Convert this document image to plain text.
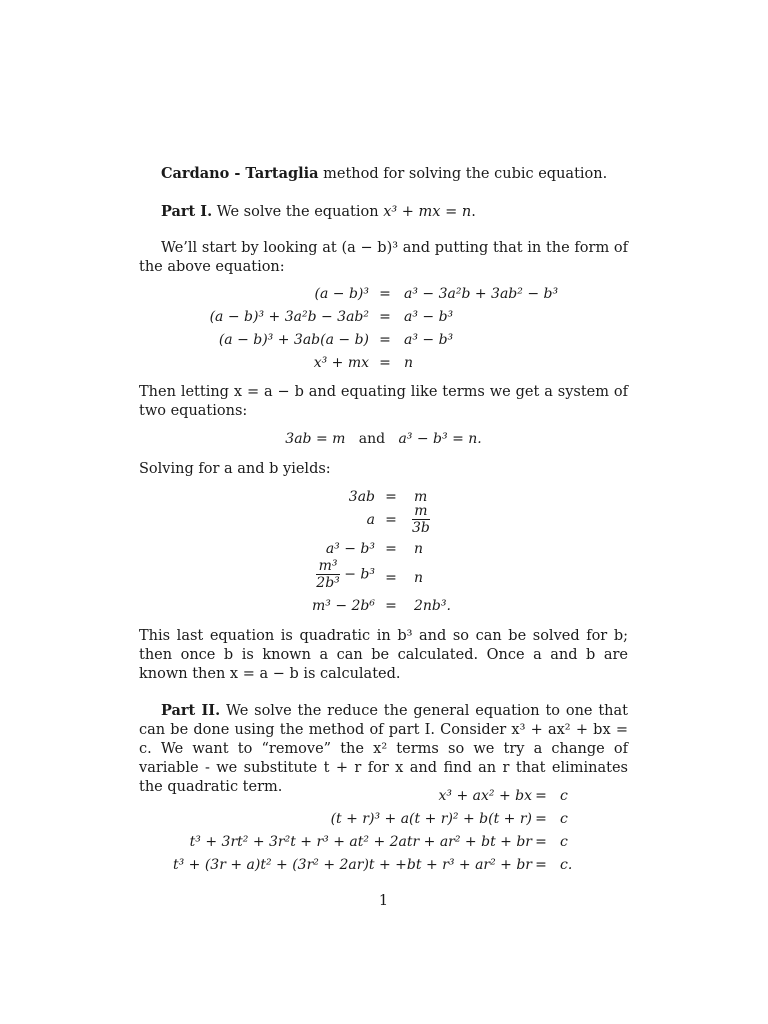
Cardano - Tartaglia method for solving the cubic equation.

Part I. We solve the equation x³ + mx = n.

We’ll start by looking at (a − b)³ and putting that in the form of the above equation:

(a − b)³ = a³ − 3a²b + 3ab² − b³
(a − b)³ + 3a²b − 3ab² = a³ − b³
(a − b)³ + 3ab(a − b) = a³ − b³
x³ + mx = n

Then letting x = a − b and equating like terms we get a system of two equations:

3ab = m and a³ − b³ = n.

Solving for a and b yields:

3ab = m
$a = \frac{m}{3b}$
a³ − b³ = n
$\frac{\text{m³}}{\text{2b³}} - b^3 = n$
m³ − 2b⁶ = 2nb³.

This last equation is quadratic in b³ and so can be solved for b; then once b is known a can be calculated. Once a and b are known then x = a − b is calculated.

Part II. We solve the reduce the general equation to one that can be done using the method of part I. Consider x³ + ax² + bx = c. We want to “remove” the x² terms so we try a change of variable - we substitute t + r for x and find an r that eliminates the quadratic term.

x³ + ax² + bx = c
(t + r)³ + a(t + r)² + b(t + r) = c
t³ + 3rt² + 3r²t + r³ + at² + 2atr + ar² + bt + br = c
t³ + (3r + a)t² + (3r² + 2ar)t + +bt + r³ + ar² + br = c.
1
